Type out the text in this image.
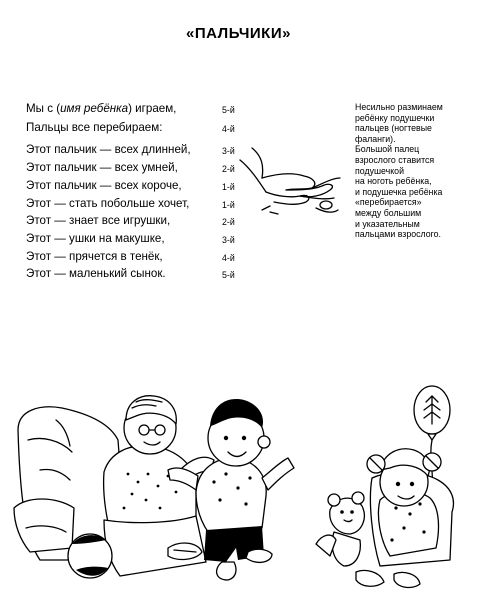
«ПАЛЬЧИКИ»
Мы с (имя ребёнка) играем,	5-й
Пальцы все перебираем:	4-й
Этот пальчик — всех длинней,	3-й
Этот пальчик — всех умней,	2-й
Этот пальчик — всех короче,	1-й
Этот — стать побольше хочет,	1-й
Этот — знает все игрушки,	2-й
Этот — ушки на макушке,	3-й
Этот — прячется в тенёк,	4-й
Этот — маленький сынок.	5-й
Несильно разминаем
ребёнку подушечки
пальцев (ногтевые
фаланги).
Большой палец
взрослого ставится
подушечкой
на ноготь ребёнка,
и подушечка ребёнка
«перебирается»
между большим
и указательным
пальцами взрослого.
